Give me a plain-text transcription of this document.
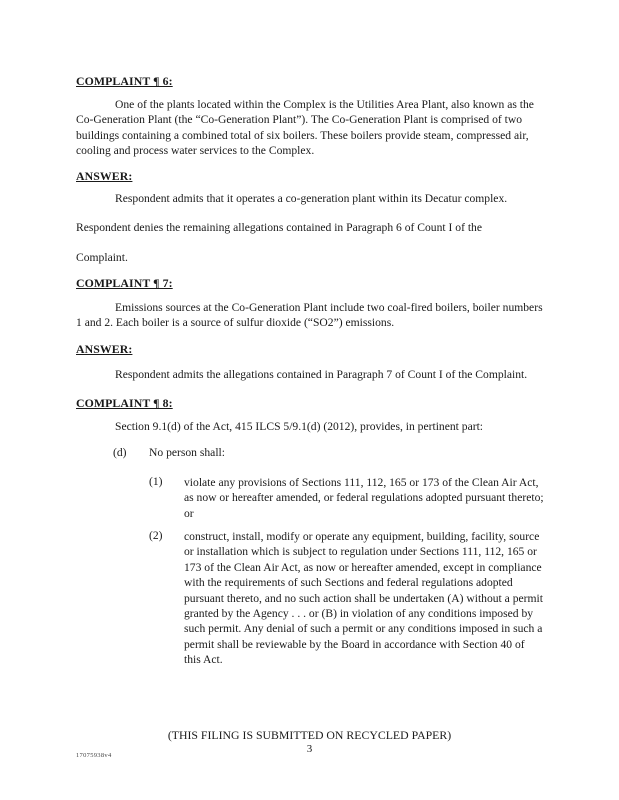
COMPLAINT ¶ 6:
One of the plants located within the Complex is the Utilities Area Plant, also known as the Co-Generation Plant (the “Co-Generation Plant”). The Co-Generation Plant is comprised of two buildings containing a combined total of six boilers. These boilers provide steam, compressed air, cooling and process water services to the Complex.
ANSWER:
Respondent admits that it operates a co-generation plant within its Decatur complex.
Respondent denies the remaining allegations contained in Paragraph 6 of Count I of the
Complaint.
COMPLAINT ¶ 7:
Emissions sources at the Co-Generation Plant include two coal-fired boilers, boiler numbers 1 and 2. Each boiler is a source of sulfur dioxide (“SO2”) emissions.
ANSWER:
Respondent admits the allegations contained in Paragraph 7 of Count I of the Complaint.
COMPLAINT ¶ 8:
Section 9.1(d) of the Act, 415 ILCS 5/9.1(d) (2012), provides, in pertinent part:
(d) No person shall:
(1) violate any provisions of Sections 111, 112, 165 or 173 of the Clean Air Act, as now or hereafter amended, or federal regulations adopted pursuant thereto; or
(2) construct, install, modify or operate any equipment, building, facility, source or installation which is subject to regulation under Sections 111, 112, 165 or 173 of the Clean Air Act, as now or hereafter amended, except in compliance with the requirements of such Sections and federal regulations adopted pursuant thereto, and no such action shall be undertaken (A) without a permit granted by the Agency . . . or (B) in violation of any conditions imposed by such permit. Any denial of such a permit or any conditions imposed in such a permit shall be reviewable by the Board in accordance with Section 40 of this Act.
(THIS FILING IS SUBMITTED ON RECYCLED PAPER)
3
17075938v4
